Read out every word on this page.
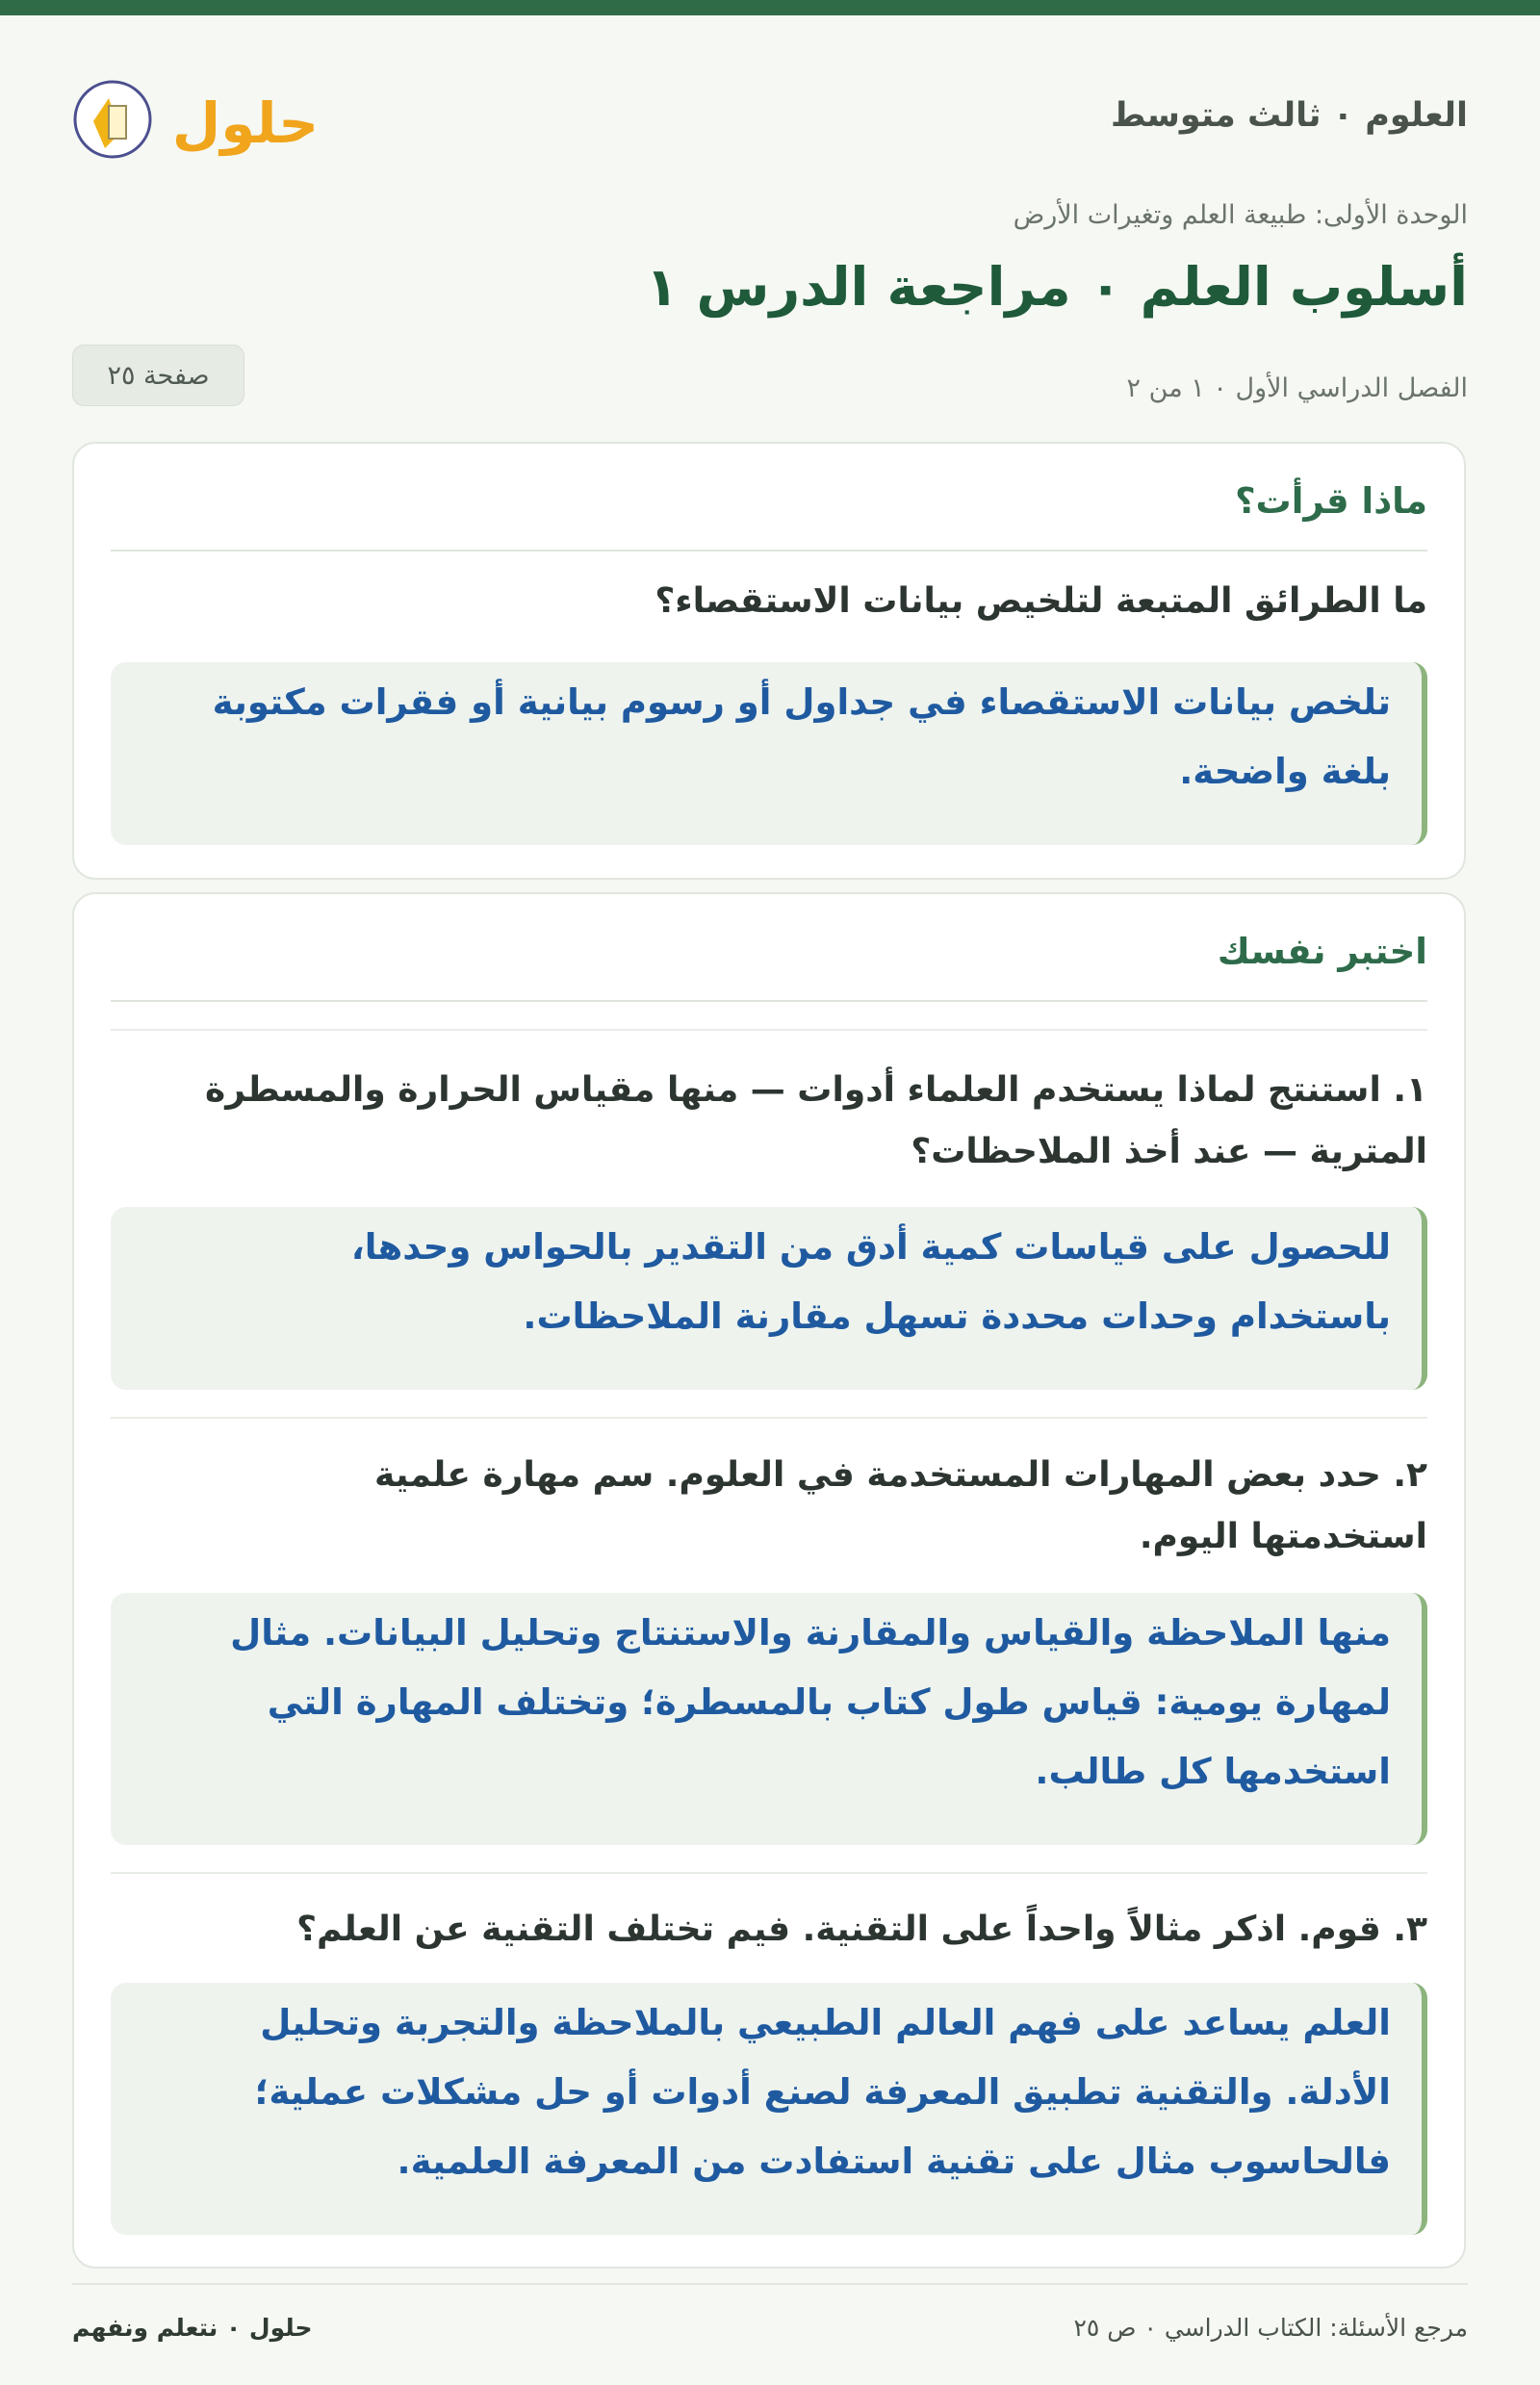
العلوم ٠ ثالث متوسط
حلول
الوحدة الأولى: طبيعة العلم وتغيرات الأرض
أسلوب العلم ٠ مراجعة الدرس ١
الفصل الدراسي الأول ٠ ١ من ٢
صفحة ٢٥
ماذا قرأت؟
ما الطرائق المتبعة لتلخيص بيانات الاستقصاء؟
تلخص بيانات الاستقصاء في جداول أو رسوم بيانية أو فقرات مكتوبة
بلغة واضحة.
اختبر نفسك
١. استنتج لماذا يستخدم العلماء أدوات — منها مقياس الحرارة والمسطرة
المترية — عند أخذ الملاحظات؟
للحصول على قياسات كمية أدق من التقدير بالحواس وحدها،
باستخدام وحدات محددة تسهل مقارنة الملاحظات.
٢. حدد بعض المهارات المستخدمة في العلوم. سم مهارة علمية
استخدمتها اليوم.
منها الملاحظة والقياس والمقارنة والاستنتاج وتحليل البيانات. مثال
لمهارة يومية: قياس طول كتاب بالمسطرة؛ وتختلف المهارة التي
استخدمها كل طالب.
٣. قوم. اذكر مثالاً واحداً على التقنية. فيم تختلف التقنية عن العلم؟
العلم يساعد على فهم العالم الطبيعي بالملاحظة والتجربة وتحليل
الأدلة. والتقنية تطبيق المعرفة لصنع أدوات أو حل مشكلات عملية؛
فالحاسوب مثال على تقنية استفادت من المعرفة العلمية.
مرجع الأسئلة: الكتاب الدراسي ٠ ص ٢٥
حلول ٠ نتعلم ونفهم
